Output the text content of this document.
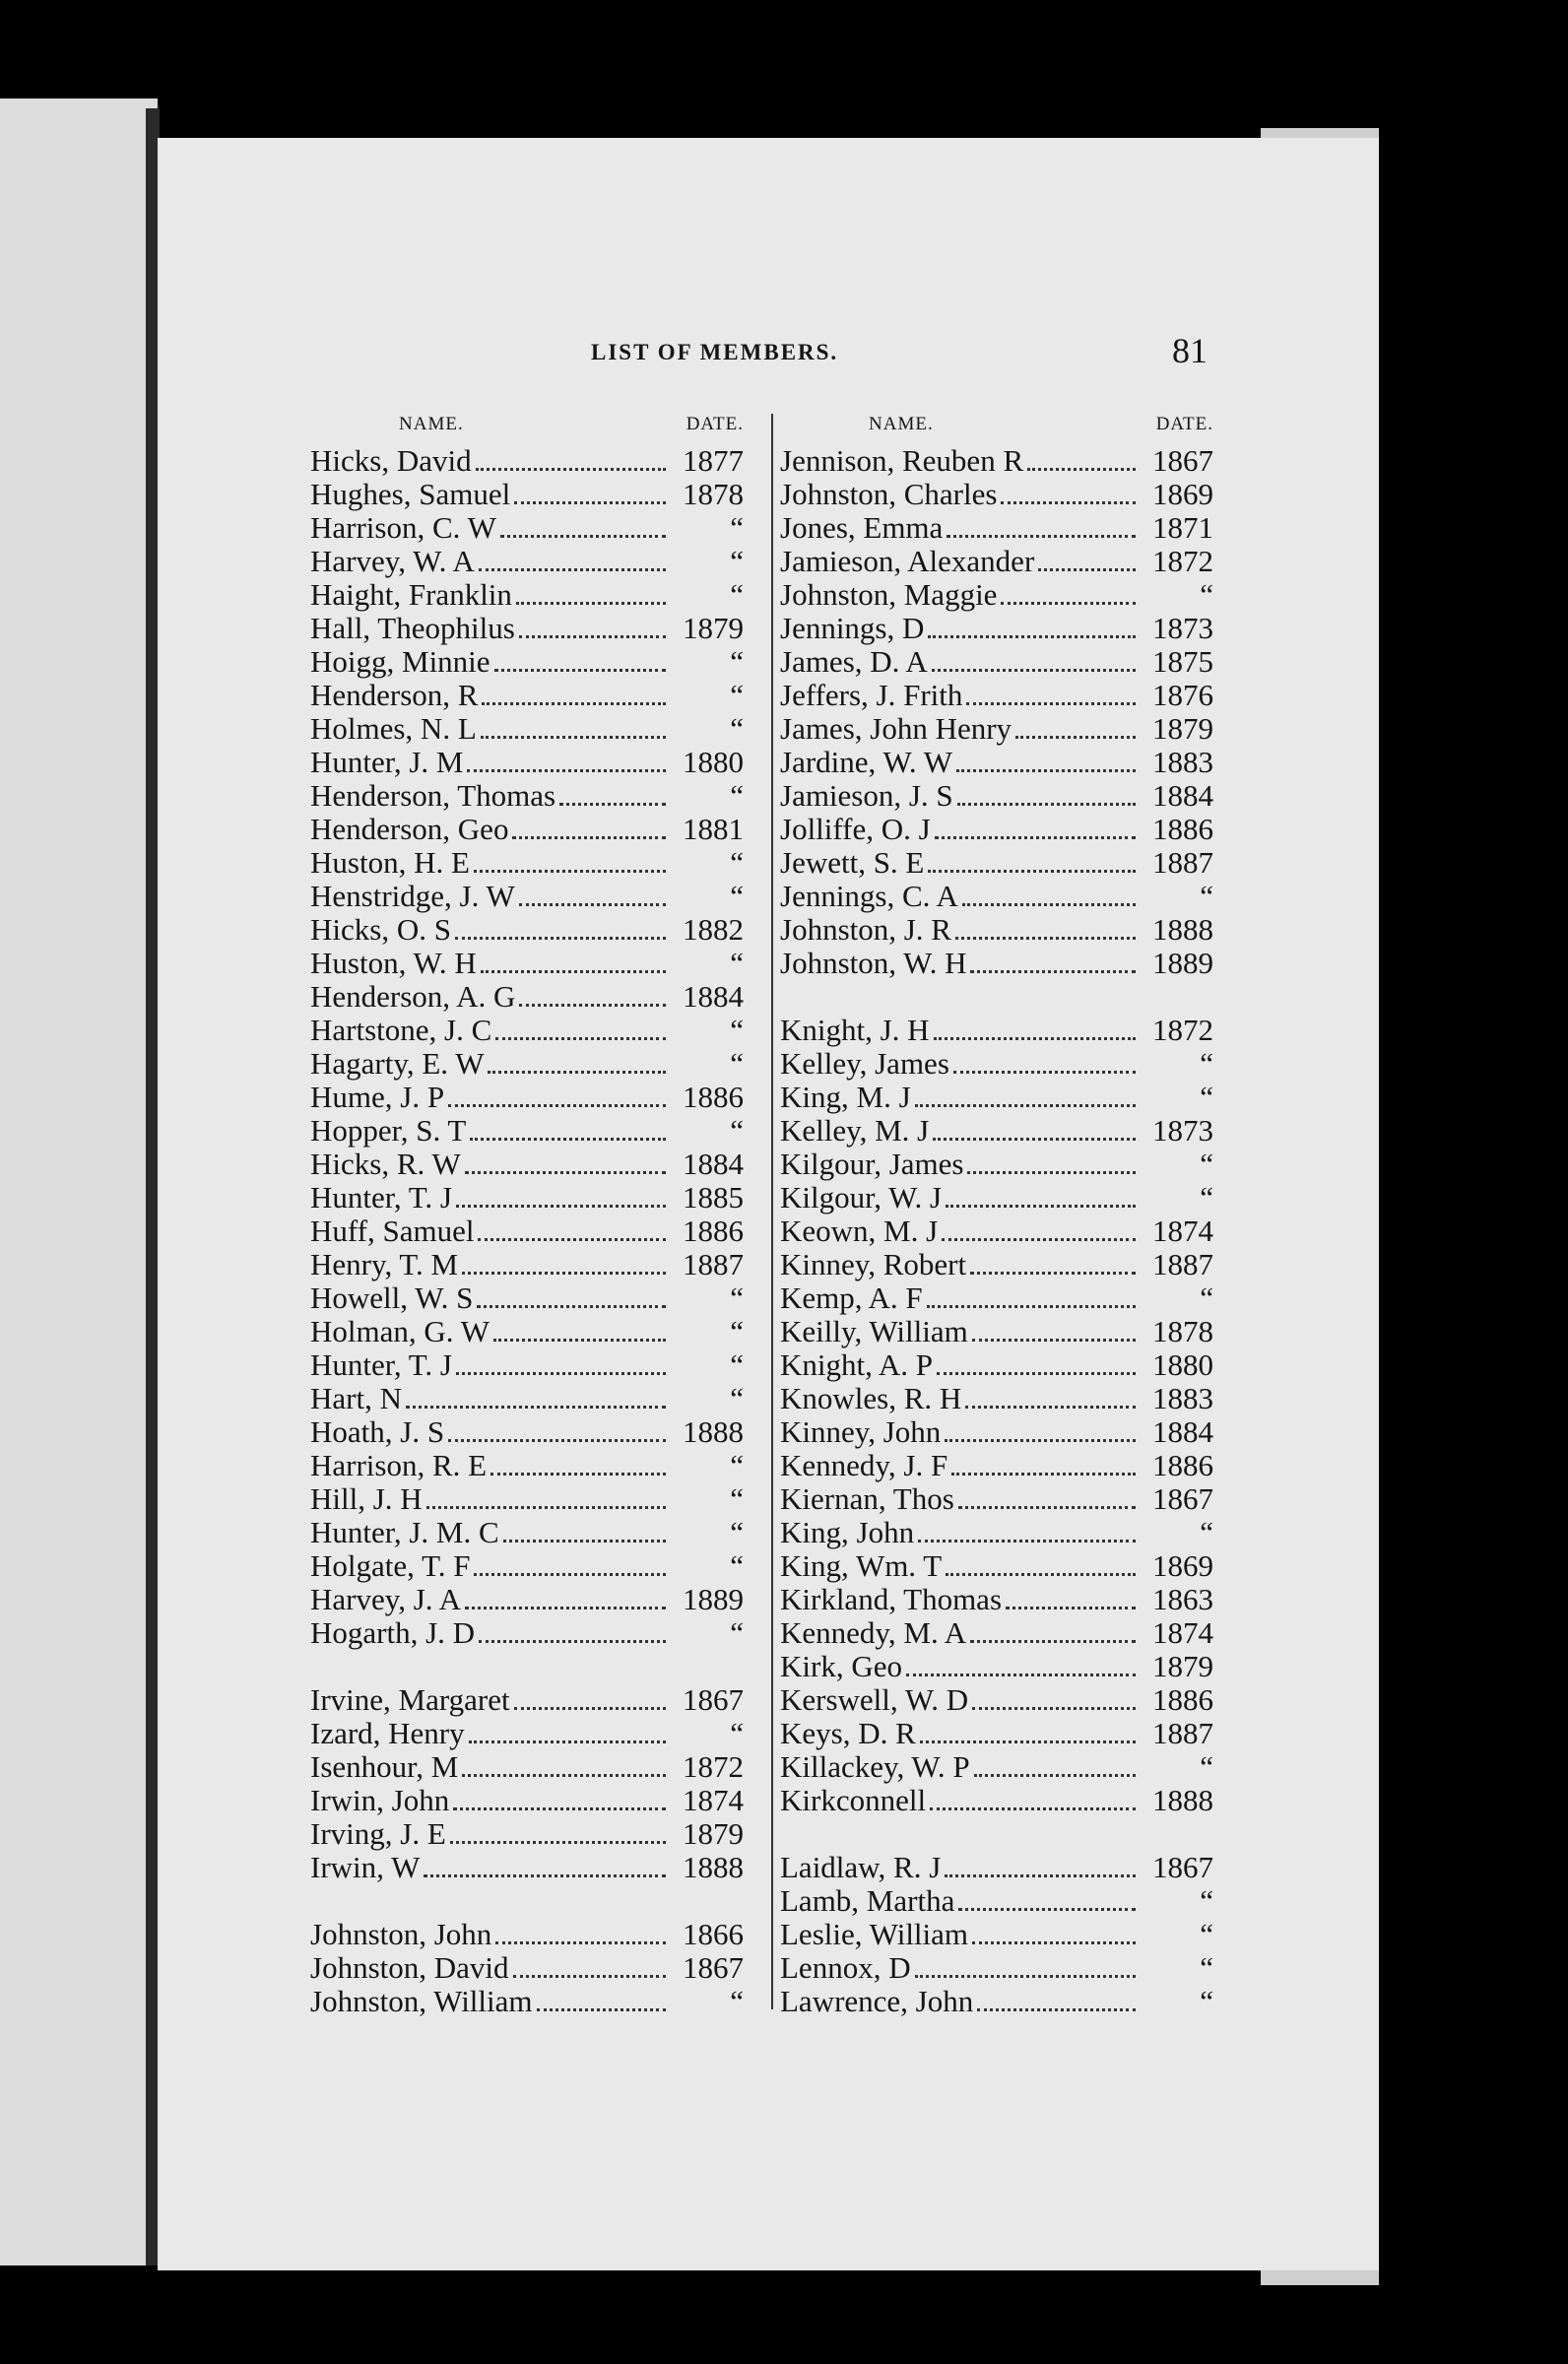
LIST OF MEMBERS.	81
NAME.	DATE.
Hicks, David	1877
Hughes, Samuel	1878
Harrison, C. W	“
Harvey, W. A	“
Haight, Franklin	“
Hall, Theophilus	1879
Hoigg, Minnie	“
Henderson, R	“
Holmes, N. L	“
Hunter, J. M	1880
Henderson, Thomas	“
Henderson, Geo	1881
Huston, H. E	“
Henstridge, J. W	“
Hicks, O. S	1882
Huston, W. H	“
Henderson, A. G	1884
Hartstone, J. C	“
Hagarty, E. W	“
Hume, J. P	1886
Hopper, S. T	“
Hicks, R. W	1884
Hunter, T. J	1885
Huff, Samuel	1886
Henry, T. M	1887
Howell, W. S	“
Holman, G. W	“
Hunter, T. J	“
Hart, N	“
Hoath, J. S	1888
Harrison, R. E	“
Hill, J. H	“
Hunter, J. M. C	“
Holgate, T. F	“
Harvey, J. A	1889
Hogarth, J. D	“
Irvine, Margaret	1867
Izard, Henry	“
Isenhour, M	1872
Irwin, John	1874
Irving, J. E	1879
Irwin, W	1888
Johnston, John	1866
Johnston, David	1867
Johnston, William	“
NAME.	DATE.
Jennison, Reuben R	1867
Johnston, Charles	1869
Jones, Emma	1871
Jamieson, Alexander	1872
Johnston, Maggie	“
Jennings, D	1873
James, D. A	1875
Jeffers, J. Frith	1876
James, John Henry	1879
Jardine, W. W	1883
Jamieson, J. S	1884
Jolliffe, O. J	1886
Jewett, S. E	1887
Jennings, C. A	“
Johnston, J. R	1888
Johnston, W. H	1889
Knight, J. H	1872
Kelley, James	“
King, M. J	“
Kelley, M. J	1873
Kilgour, James	“
Kilgour, W. J	“
Keown, M. J	1874
Kinney, Robert	1887
Kemp, A. F	“
Keilly, William	1878
Knight, A. P	1880
Knowles, R. H	1883
Kinney, John	1884
Kennedy, J. F	1886
Kiernan, Thos	1867
King, John	“
King, Wm. T	1869
Kirkland, Thomas	1863
Kennedy, M. A	1874
Kirk, Geo	1879
Kerswell, W. D	1886
Keys, D. R	1887
Killackey, W. P	“
Kirkconnell	1888
Laidlaw, R. J	1867
Lamb, Martha	“
Leslie, William	“
Lennox, D	“
Lawrence, John	“
